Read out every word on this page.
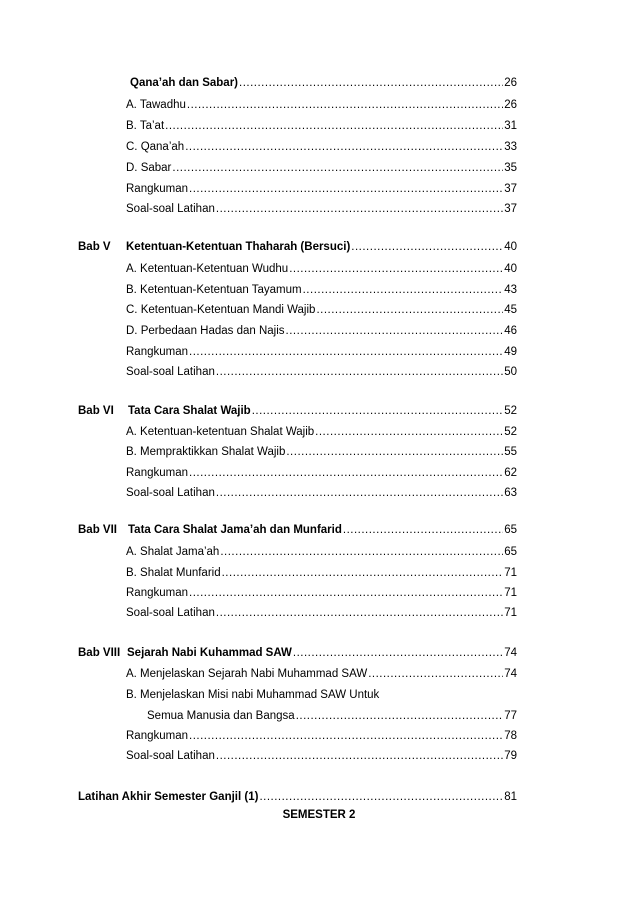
Qana’ah dan Sabar) .....	26
A. Tawadhu .....	26
B. Ta’at .....	31
C. Qana’ah .....	33
D. Sabar .....	35
Rangkuman .....	37
Soal-soal Latihan .....	37
Bab V	Ketentuan-Ketentuan Thaharah (Bersuci) .....	40
A. Ketentuan-Ketentuan Wudhu .....	40
B. Ketentuan-Ketentuan Tayamum .....	43
C. Ketentuan-Ketentuan Mandi Wajib .....	45
D. Perbedaan Hadas dan Najis .....	46
Rangkuman .....	49
Soal-soal Latihan .....	50
Bab VI	Tata Cara Shalat Wajib .....	52
A. Ketentuan-ketentuan Shalat Wajib .....	52
B. Mempraktikkan Shalat Wajib .....	55
Rangkuman .....	62
Soal-soal Latihan .....	63
Bab VII Tata Cara Shalat Jama’ah dan Munfarid .....	65
A. Shalat Jama’ah .....	65
B. Shalat Munfarid .....	71
Rangkuman .....	71
Soal-soal Latihan .....	71
Bab VIII Sejarah Nabi Kuhammad SAW .....	74
A. Menjelaskan Sejarah Nabi Muhammad SAW .....	74
B. Menjelaskan Misi nabi Muhammad SAW Untuk
Semua Manusia dan Bangsa .....	77
Rangkuman .....	78
Soal-soal Latihan .....	79
Latihan Akhir Semester Ganjil (1) .....	81
SEMESTER 2
